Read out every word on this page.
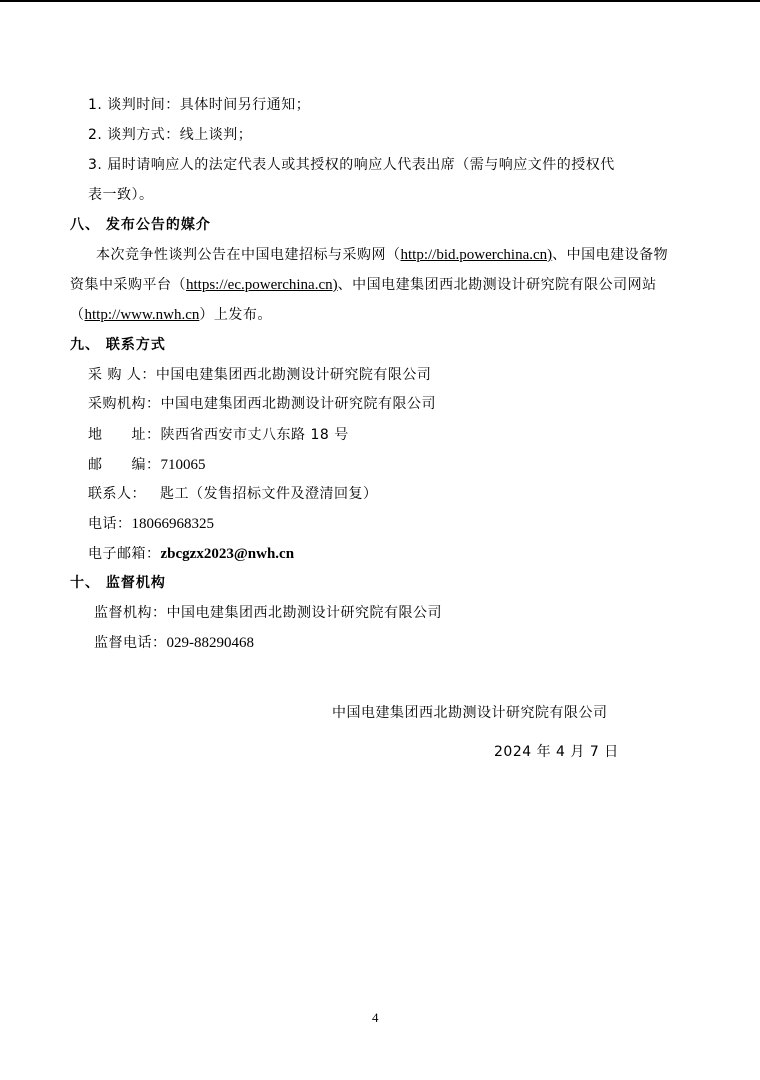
1. 谈判时间：具体时间另行通知；
2. 谈判方式：线上谈判；
3. 届时请响应人的法定代表人或其授权的响应人代表出席（需与响应文件的授权代
表一致）。
八、 发布公告的媒介
本次竞争性谈判公告在中国电建招标与采购网（http://bid.powerchina.cn)、中国电建设备物
资集中采购平台（https://ec.powerchina.cn)、中国电建集团西北勘测设计研究院有限公司网站
（http://www.nwh.cn）上发布。
九、 联系方式
采 购 人：中国电建集团西北勘测设计研究院有限公司
采购机构：中国电建集团西北勘测设计研究院有限公司
地　　址：陕西省西安市丈八东路 18 号
邮　　编：710065
联系人： 匙工（发售招标文件及澄清回复）
电话：18066968325
电子邮箱：zbcgzx2023@nwh.cn
十、 监督机构
监督机构：中国电建集团西北勘测设计研究院有限公司
监督电话：029-88290468
中国电建集团西北勘测设计研究院有限公司
2024 年 4 月 7 日
4
